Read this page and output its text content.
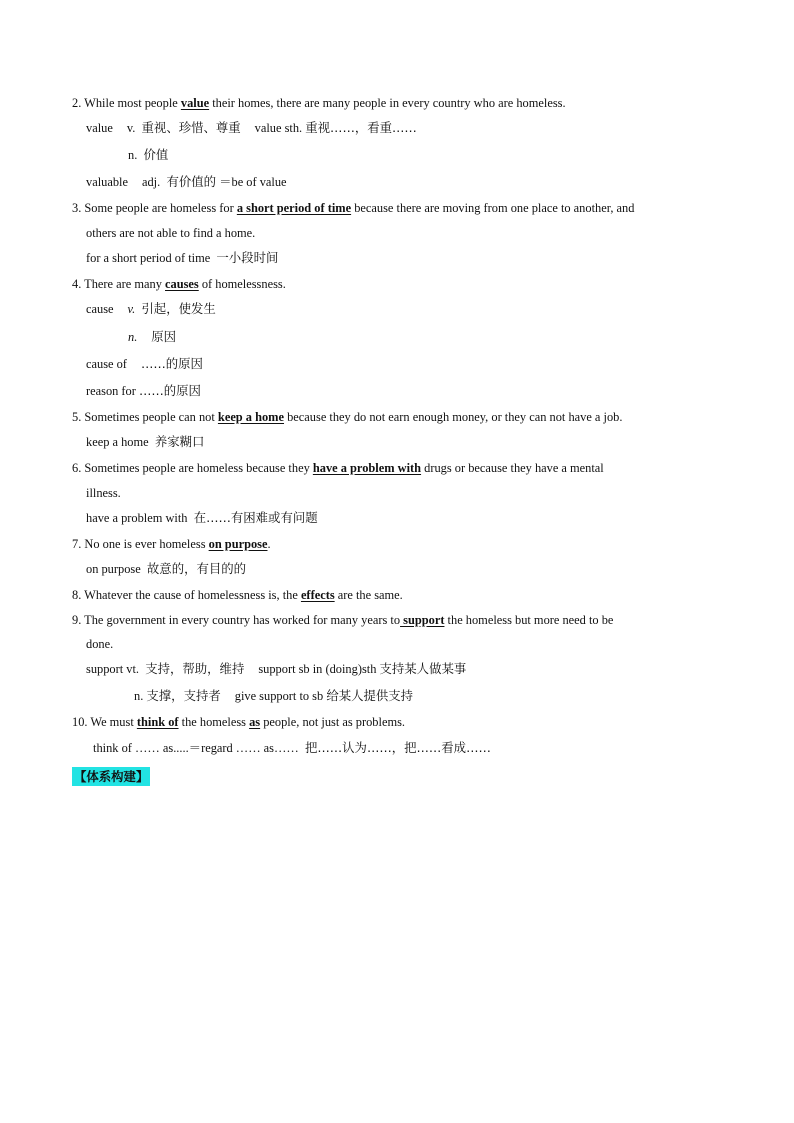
2. While most people value their homes, there are many people in every country who are homeless.
value v. 重视、珍惜、尊重 value sth. 重视……，看重……
n. 价值
valuable adj. 有价值的 ＝be of value
3. Some people are homeless for a short period of time because there are moving from one place to another, and
others are not able to find a home.
for a short period of time 一小段时间
4. There are many causes of homelessness.
cause v. 引起，使发生
n. 原因
cause of ……的原因
reason for ……的原因
5. Sometimes people can not keep a home because they do not earn enough money, or they can not have a job.
keep a home 养家糊口
6. Sometimes people are homeless because they have a problem with drugs or because they have a mental
illness.
have a problem with 在……有困难或有问题
7. No one is ever homeless on purpose.
on purpose 故意的，有目的的
8. Whatever the cause of homelessness is, the effects are the same.
9. The government in every country has worked for many years to support the homeless but more need to be
done.
support vt. 支持，帮助，维持 support sb in (doing)sth 支持某人做某事
n. 支撑，支持者 give support to sb 给某人提供支持
10. We must think of the homeless as people, not just as problems.
think of …… as.....＝regard …… as…… 把……认为……，把……看成……
【体系构建】
